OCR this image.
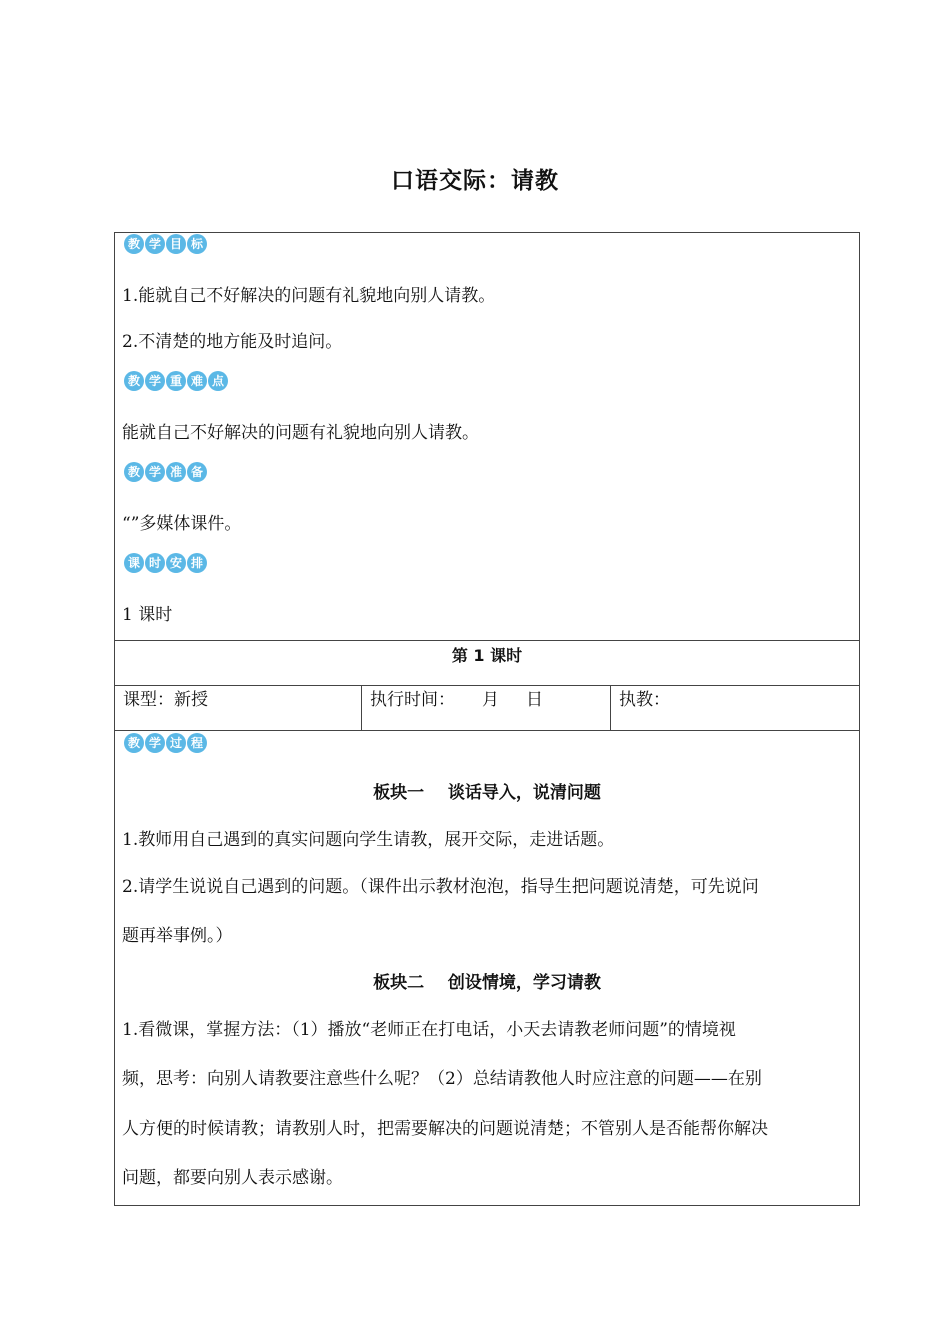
口语交际：请教
教 学 目 标
1.能就自己不好解决的问题有礼貌地向别人请教。
2.不清楚的地方能及时追问。
教 学 重 难 点
能就自己不好解决的问题有礼貌地向别人请教。
教 学 准 备
“”多媒体课件。
课 时 安 排
1 课时
第 1 课时
课型：新授	执行时间：     月     日	执教：
教 学 过 程
板块一    谈话导入，说清问题
1.教师用自己遇到的真实问题向学生请教，展开交际，走进话题。
2.请学生说说自己遇到的问题。（课件出示教材泡泡，指导生把问题说清楚，可先说问
题再举事例。）
板块二    创设情境，学习请教
1.看微课，掌握方法：（1）播放“老师正在打电话，小天去请教老师问题”的情境视
频，思考：向别人请教要注意些什么呢？（2）总结请教他人时应注意的问题——在别
人方便的时候请教；请教别人时，把需要解决的问题说清楚；不管别人是否能帮你解决
问题，都要向别人表示感谢。
